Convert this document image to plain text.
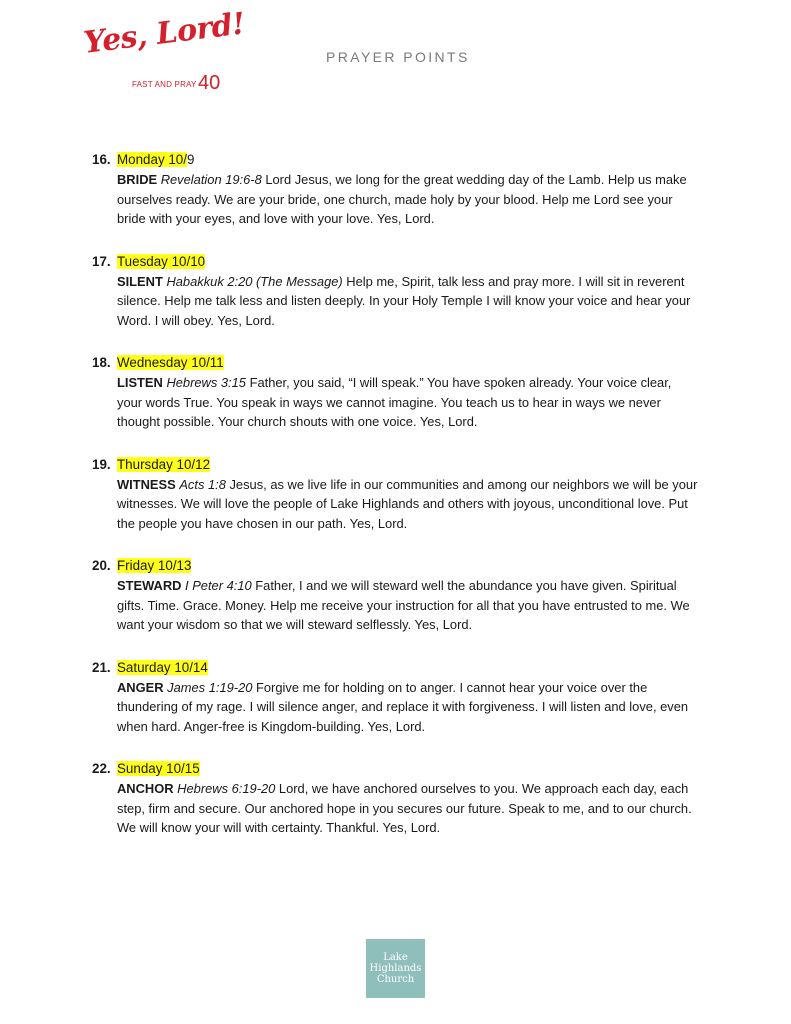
Yes, Lord!
FAST AND PRAY 40
PRAYER POINTS
16. Monday 10/9
BRIDE Revelation 19:6-8 Lord Jesus, we long for the great wedding day of the Lamb. Help us make ourselves ready. We are your bride, one church, made holy by your blood. Help me Lord see your bride with your eyes, and love with your love. Yes, Lord.
17. Tuesday 10/10
SILENT Habakkuk 2:20 (The Message) Help me, Spirit, talk less and pray more. I will sit in reverent silence. Help me talk less and listen deeply. In your Holy Temple I will know your voice and hear your Word. I will obey. Yes, Lord.
18. Wednesday 10/11
LISTEN Hebrews 3:15 Father, you said, “I will speak.” You have spoken already. Your voice clear, your words True. You speak in ways we cannot imagine. You teach us to hear in ways we never thought possible. Your church shouts with one voice. Yes, Lord.
19. Thursday 10/12
WITNESS Acts 1:8 Jesus, as we live life in our communities and among our neighbors we will be your witnesses. We will love the people of Lake Highlands and others with joyous, unconditional love. Put the people you have chosen in our path. Yes, Lord.
20. Friday 10/13
STEWARD I Peter 4:10 Father, I and we will steward well the abundance you have given. Spiritual gifts. Time. Grace. Money. Help me receive your instruction for all that you have entrusted to me. We want your wisdom so that we will steward selflessly. Yes, Lord.
21. Saturday 10/14
ANGER James 1:19-20 Forgive me for holding on to anger. I cannot hear your voice over the thundering of my rage. I will silence anger, and replace it with forgiveness. I will listen and love, even when hard. Anger-free is Kingdom-building. Yes, Lord.
22. Sunday 10/15
ANCHOR Hebrews 6:19-20 Lord, we have anchored ourselves to you. We approach each day, each step, firm and secure. Our anchored hope in you secures our future. Speak to me, and to our church. We will know your will with certainty. Thankful. Yes, Lord.
Lake
Highlands
Church
